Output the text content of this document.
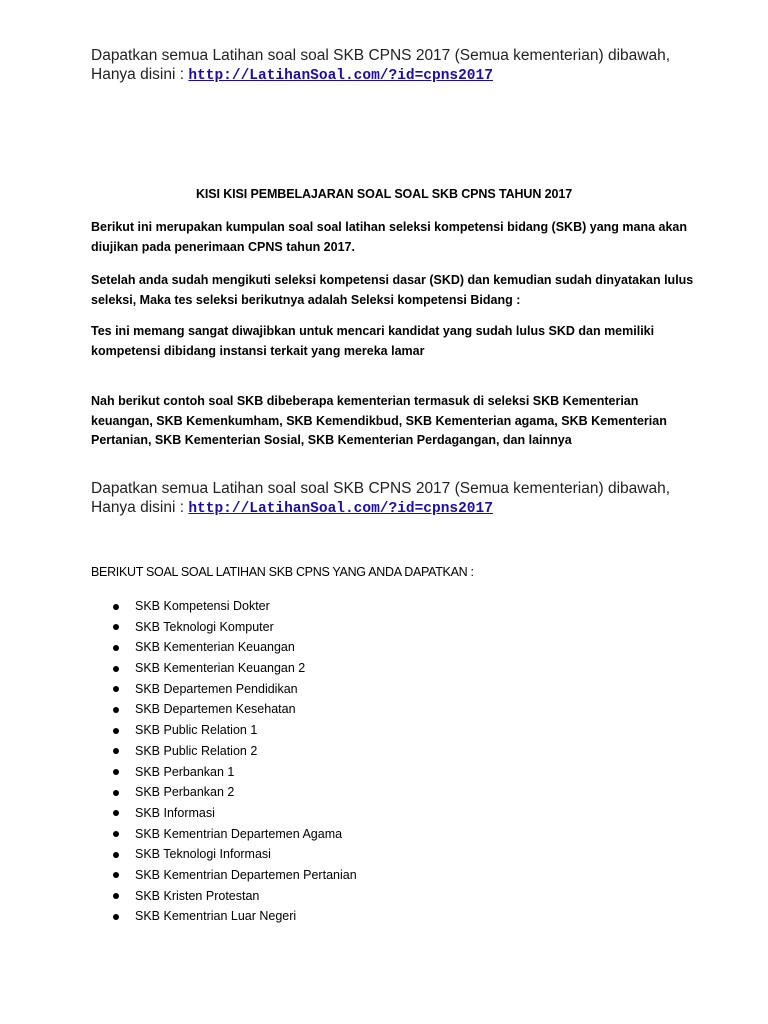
Dapatkan semua Latihan soal soal SKB CPNS 2017 (Semua kementerian) dibawah,
Hanya disini : http://LatihanSoal.com/?id=cpns2017
KISI KISI PEMBELAJARAN SOAL SOAL SKB CPNS TAHUN 2017

Berikut ini merupakan kumpulan soal soal latihan seleksi kompetensi bidang (SKB) yang mana akan
diujikan pada penerimaan CPNS tahun 2017.

Setelah anda sudah mengikuti seleksi kompetensi dasar (SKD) dan kemudian sudah dinyatakan lulus
seleksi, Maka tes seleksi berikutnya adalah Seleksi kompetensi Bidang :

Tes ini memang sangat diwajibkan untuk mencari kandidat yang sudah lulus SKD dan memiliki
kompetensi dibidang instansi terkait yang mereka lamar

Nah berikut contoh soal SKB dibeberapa kementerian termasuk di seleksi SKB Kementerian
keuangan, SKB Kemenkumham, SKB Kemendikbud, SKB Kementerian agama, SKB Kementerian
Pertanian, SKB Kementerian Sosial, SKB Kementerian Perdagangan, dan lainnya

Dapatkan semua Latihan soal soal SKB CPNS 2017 (Semua kementerian) dibawah,
Hanya disini : http://LatihanSoal.com/?id=cpns2017
BERIKUT SOAL SOAL LATIHAN SKB CPNS YANG ANDA DAPATKAN :
SKB Kompetensi Dokter
SKB Teknologi Komputer
SKB Kementerian Keuangan
SKB Kementerian Keuangan 2
SKB Departemen Pendidikan
SKB Departemen Kesehatan
SKB Public Relation 1
SKB Public Relation 2
SKB Perbankan 1
SKB Perbankan 2
SKB Informasi
SKB Kementrian Departemen Agama
SKB Teknologi Informasi
SKB Kementrian Departemen Pertanian
SKB Kristen Protestan
SKB Kementrian Luar Negeri
